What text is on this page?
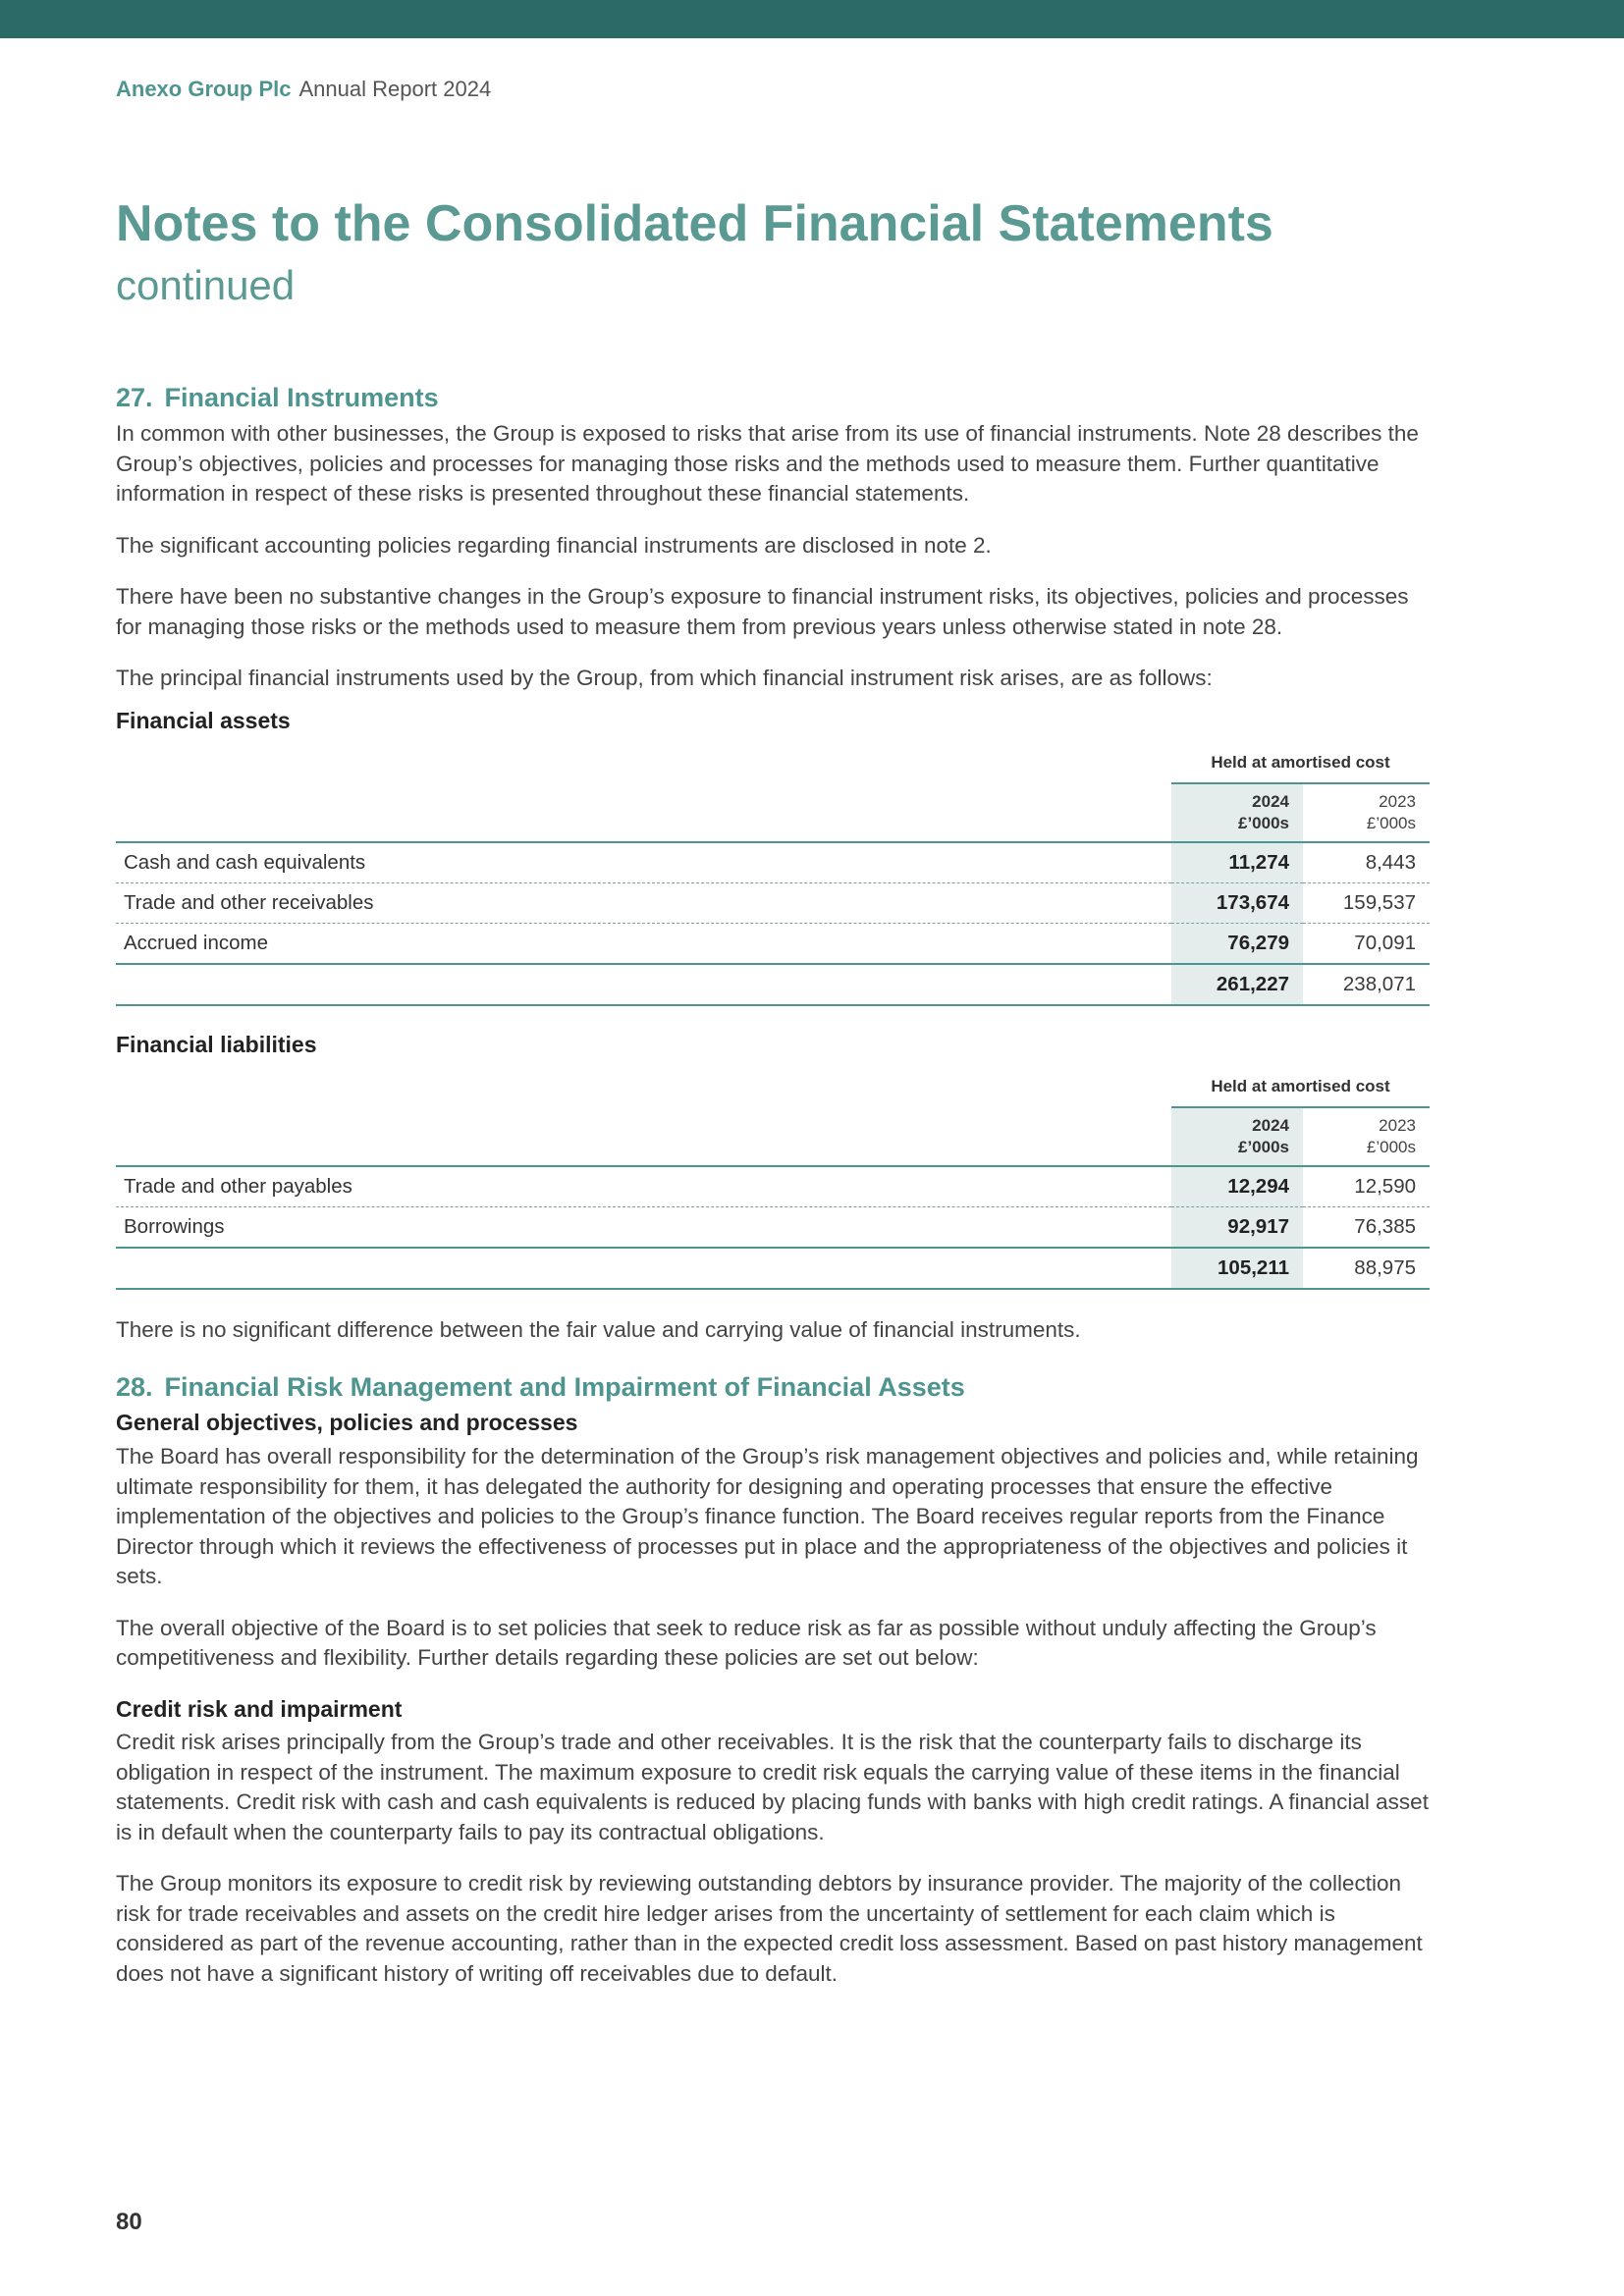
Anexo Group Plc Annual Report 2024
Notes to the Consolidated Financial Statements
continued
27. Financial Instruments

In common with other businesses, the Group is exposed to risks that arise from its use of financial instruments. Note 28 describes the Group’s objectives, policies and processes for managing those risks and the methods used to measure them. Further quantitative information in respect of these risks is presented throughout these financial statements.

The significant accounting policies regarding financial instruments are disclosed in note 2.

There have been no substantive changes in the Group’s exposure to financial instrument risks, its objectives, policies and processes for managing those risks or the methods used to measure them from previous years unless otherwise stated in note 28.

The principal financial instruments used by the Group, from which financial instrument risk arises, are as follows:

Financial assets
	Held at amortised cost	
	2024
£’000s	2023
£’000s
Cash and cash equivalents	11,274	8,443
Trade and other receivables	173,674	159,537
Accrued income	76,279	70,091
	261,227	238,071
Financial liabilities
	Held at amortised cost	
	2024
£’000s	2023
£’000s
Trade and other payables	12,294	12,590
Borrowings	92,917	76,385
	105,211	88,975

There is no significant difference between the fair value and carrying value of financial instruments.

28. Financial Risk Management and Impairment of Financial Assets
General objectives, policies and processes

The Board has overall responsibility for the determination of the Group’s risk management objectives and policies and, while retaining ultimate responsibility for them, it has delegated the authority for designing and operating processes that ensure the effective implementation of the objectives and policies to the Group’s finance function. The Board receives regular reports from the Finance Director through which it reviews the effectiveness of processes put in place and the appropriateness of the objectives and policies it sets.

The overall objective of the Board is to set policies that seek to reduce risk as far as possible without unduly affecting the Group’s competitiveness and flexibility. Further details regarding these policies are set out below:

Credit risk and impairment

Credit risk arises principally from the Group’s trade and other receivables. It is the risk that the counterparty fails to discharge its obligation in respect of the instrument. The maximum exposure to credit risk equals the carrying value of these items in the financial statements. Credit risk with cash and cash equivalents is reduced by placing funds with banks with high credit ratings. A financial asset is in default when the counterparty fails to pay its contractual obligations.

The Group monitors its exposure to credit risk by reviewing outstanding debtors by insurance provider. The majority of the collection risk for trade receivables and assets on the credit hire ledger arises from the uncertainty of settlement for each claim which is considered as part of the revenue accounting, rather than in the expected credit loss assessment. Based on past history management does not have a significant history of writing off receivables due to default.

80
